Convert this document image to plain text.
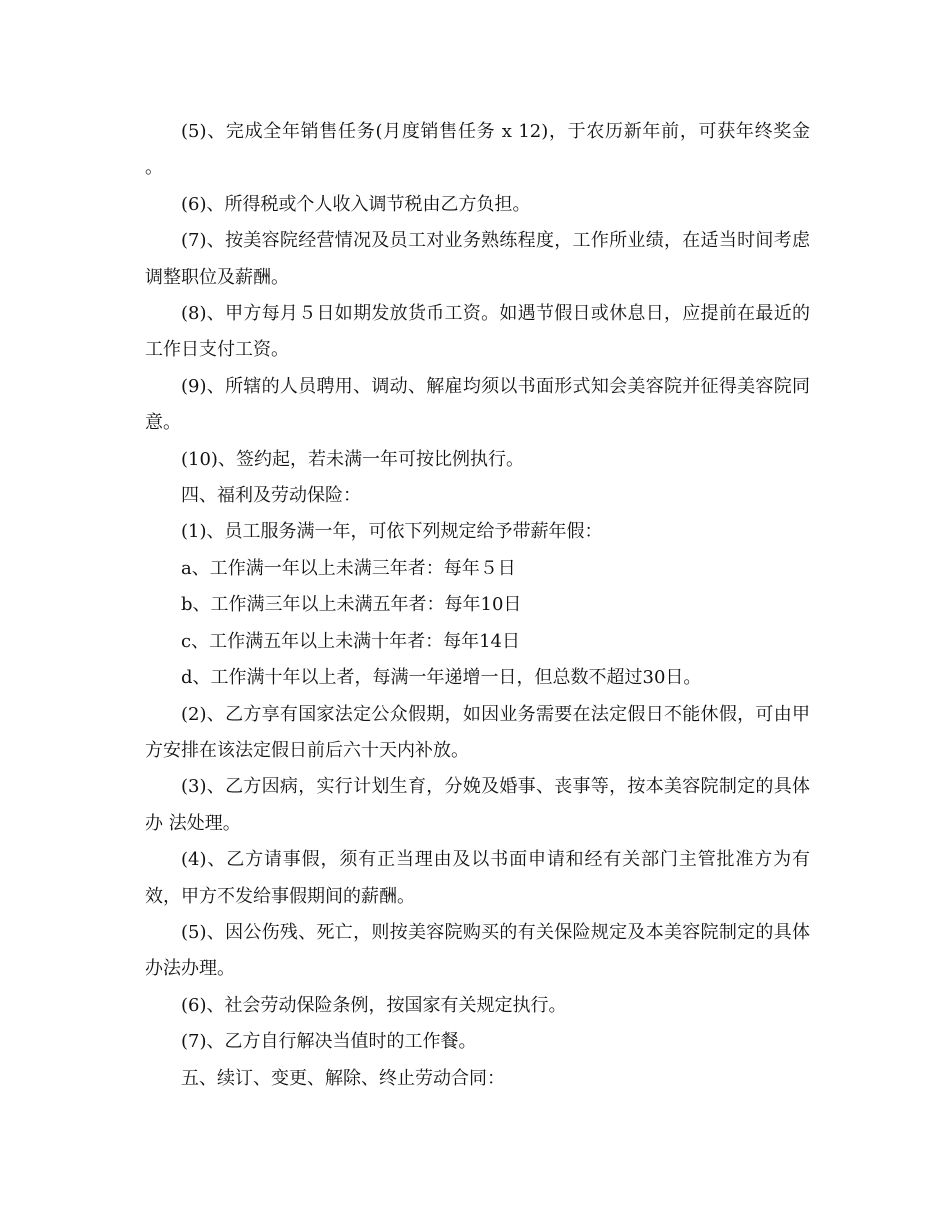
(5)、完成全年销售任务(月度销售任务 x 12)，于农历新年前，可获年终奖金 。

(6)、所得税或个人收入调节税由乙方负担。

(7)、按美容院经营情况及员工对业务熟练程度，工作所业绩，在适当时间考虑调整职位及薪酬。

(8)、甲方每月５日如期发放货币工资。如遇节假日或休息日，应提前在最近的工作日支付工资。

(9)、所辖的人员聘用、调动、解雇均须以书面形式知会美容院并征得美容院同意。

(10)、签约起，若未满一年可按比例执行。

四、福利及劳动保险：

(1)、员工服务满一年，可依下列规定给予带薪年假：

a、工作满一年以上未满三年者：每年５日

b、工作满三年以上未满五年者：每年10日

c、工作满五年以上未满十年者：每年14日

d、工作满十年以上者，每满一年递增一日，但总数不超过30日。

(2)、乙方享有国家法定公众假期，如因业务需要在法定假日不能休假，可由甲方安排在该法定假日前后六十天内补放。

(3)、乙方因病，实行计划生育，分娩及婚事、丧事等，按本美容院制定的具体办 法处理。

(4)、乙方请事假，须有正当理由及以书面申请和经有关部门主管批准方为有效，甲方不发给事假期间的薪酬。

(5)、因公伤残、死亡，则按美容院购买的有关保险规定及本美容院制定的具体办法办理。

(6)、社会劳动保险条例，按国家有关规定执行。

(7)、乙方自行解决当值时的工作餐。

五、续订、变更、解除、终止劳动合同：
